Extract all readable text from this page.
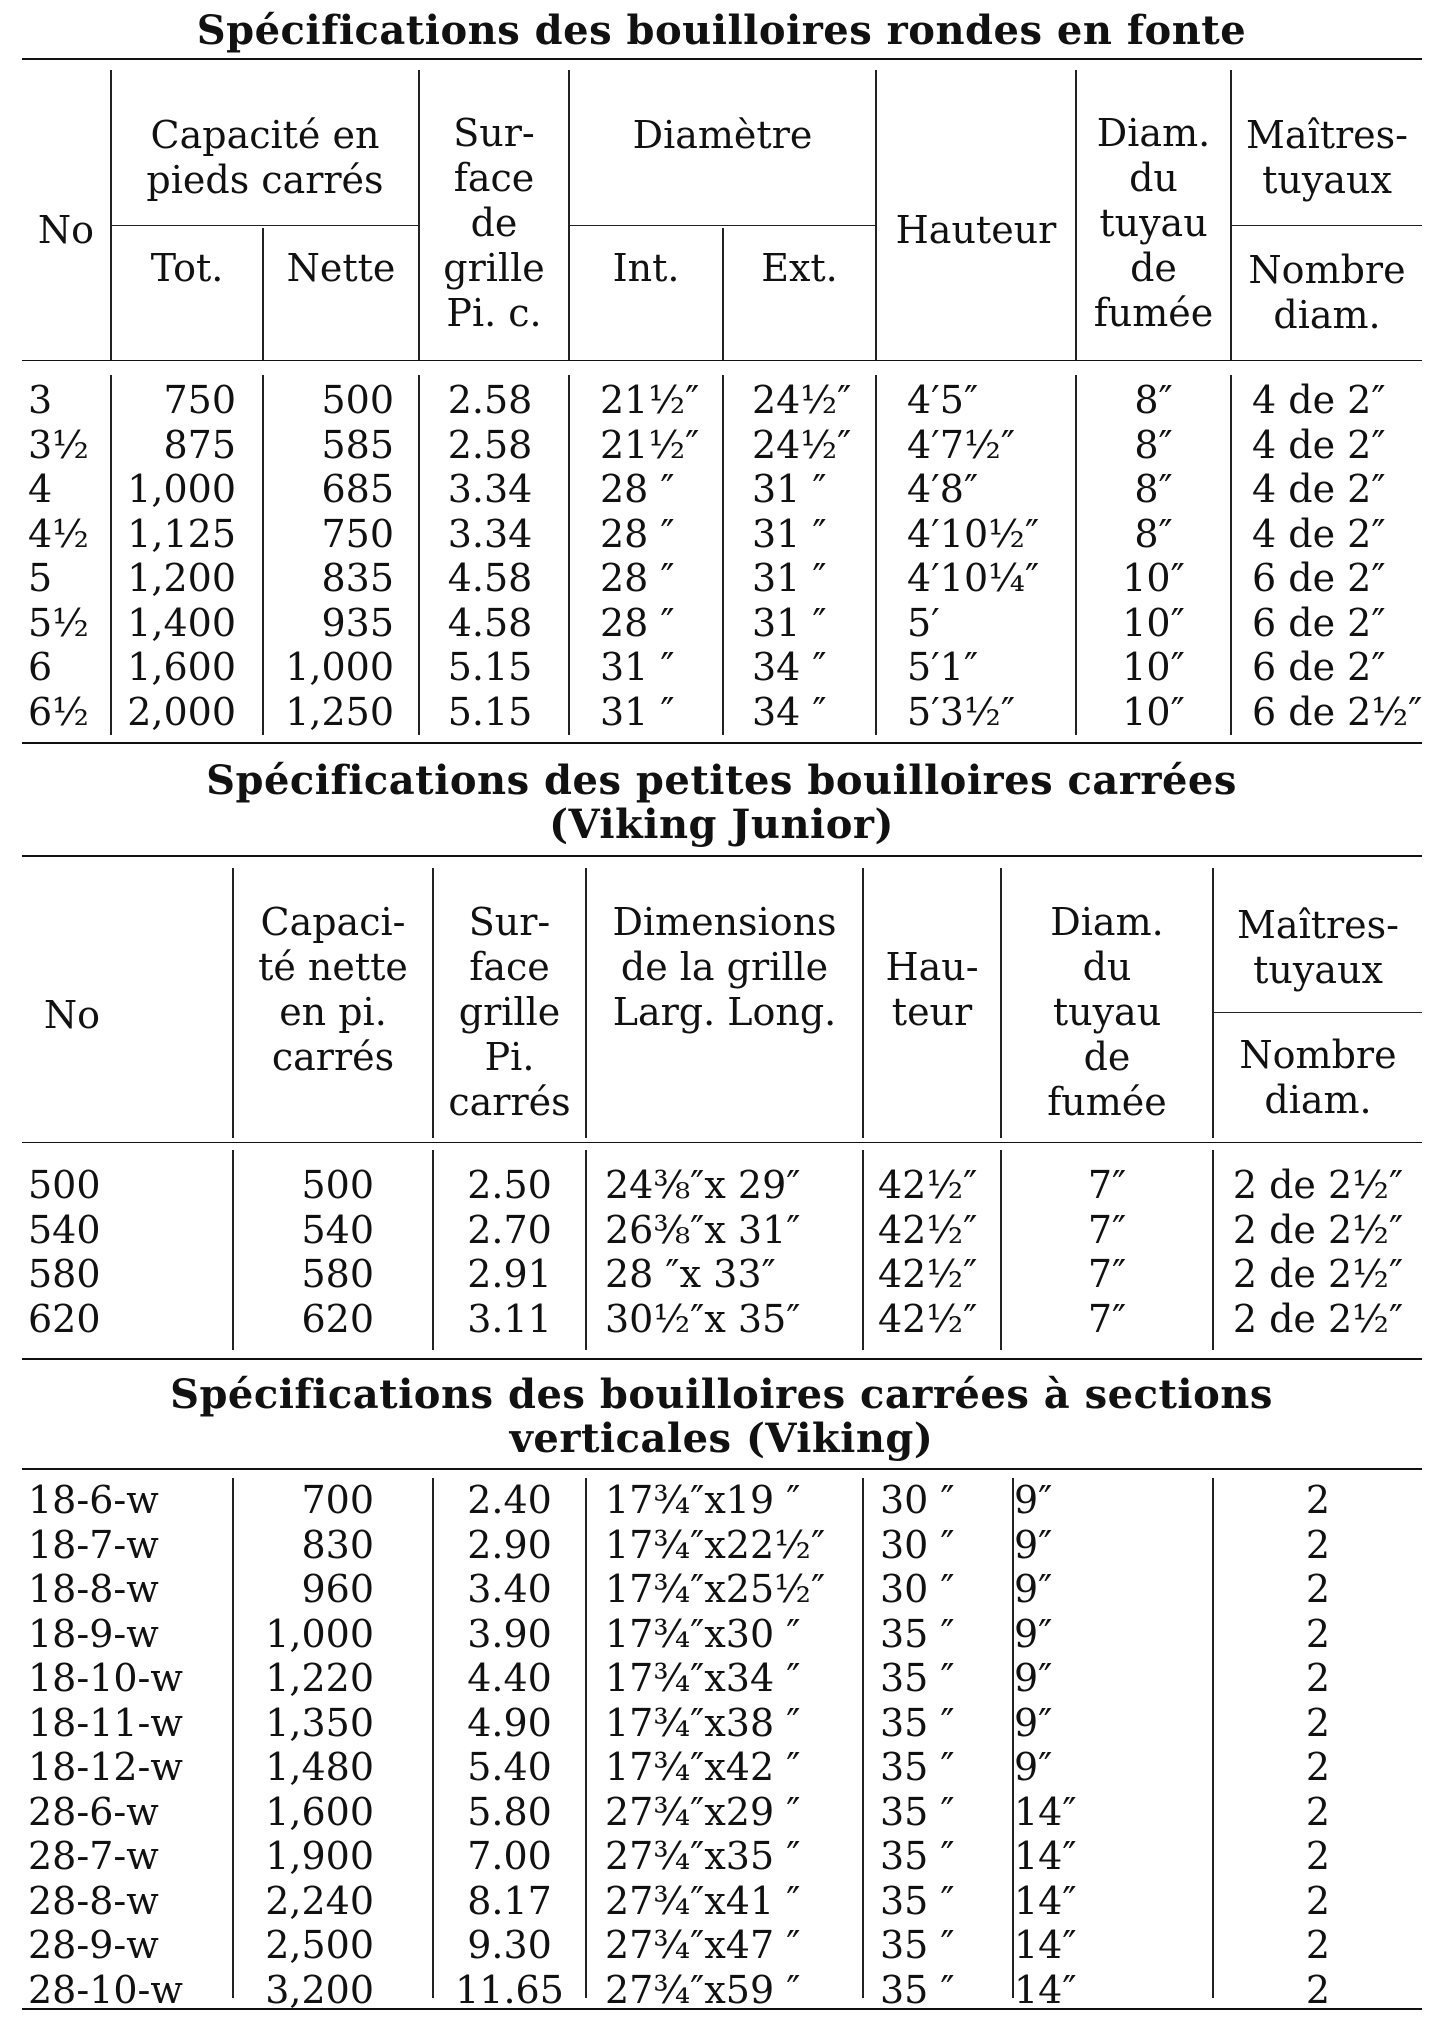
Spécifications des bouilloires rondes en fonte
No
Capacité en
pieds carrés
Tot. Nette
Sur-
face
de
grille
Pi. c.
Diamètre
Int. Ext.
Hauteur
Diam.
du
tuyau
de
fumée
Maîtres-
tuyaux
Nombre
diam.
3	750	500	2.58	21½″	24½″	4′5″	8″	4 de 2″
3½	875	585	2.58	21½″	24½″	4′7½″	8″	4 de 2″
4	1,000	685	3.34	28 ″	31 ″	4′8″	8″	4 de 2″
4½	1,125	750	3.34	28 ″	31 ″	4′10½″	8″	4 de 2″
5	1,200	835	4.58	28 ″	31 ″	4′10¼″	10″	6 de 2″
5½	1,400	935	4.58	28 ″	31 ″	5′	10″	6 de 2″
6	1,600	1,000	5.15	31 ″	34 ″	5′1″	10″	6 de 2″
6½	2,000	1,250	5.15	31 ″	34 ″	5′3½″	10″	6 de 2½″
Spécifications des petites bouilloires carrées
(Viking Junior)
No
Capaci-
té nette
en pi.
carrés
Sur-
face
grille
Pi.
carrés
Dimensions
de la grille
Larg. Long.
Hau-
teur
Diam.
du
tuyau
de
fumée
Maîtres-
tuyaux
Nombre
diam.
500	500	2.50	24⅜″x 29″	42½″	7″	2 de 2½″
540	540	2.70	26⅜″x 31″	42½″	7″	2 de 2½″
580	580	2.91	28 ″x 33″	42½″	7″	2 de 2½″
620	620	3.11	30½″x 35″	42½″	7″	2 de 2½″
Spécifications des bouilloires carrées à sections
verticales (Viking)
18-6-w	700	2.40	17¾″x19 ″	30 ″	9″	2
18-7-w	830	2.90	17¾″x22½″	30 ″	9″	2
18-8-w	960	3.40	17¾″x25½″	30 ″	9″	2
18-9-w	1,000	3.90	17¾″x30 ″	35 ″	9″	2
18-10-w	1,220	4.40	17¾″x34 ″	35 ″	9″	2
18-11-w	1,350	4.90	17¾″x38 ″	35 ″	9″	2
18-12-w	1,480	5.40	17¾″x42 ″	35 ″	9″	2
28-6-w	1,600	5.80	27¾″x29 ″	35 ″	14″	2
28-7-w	1,900	7.00	27¾″x35 ″	35 ″	14″	2
28-8-w	2,240	8.17	27¾″x41 ″	35 ″	14″	2
28-9-w	2,500	9.30	27¾″x47 ″	35 ″	14″	2
28-10-w	3,200	11.65	27¾″x59 ″	35 ″	14″	2
